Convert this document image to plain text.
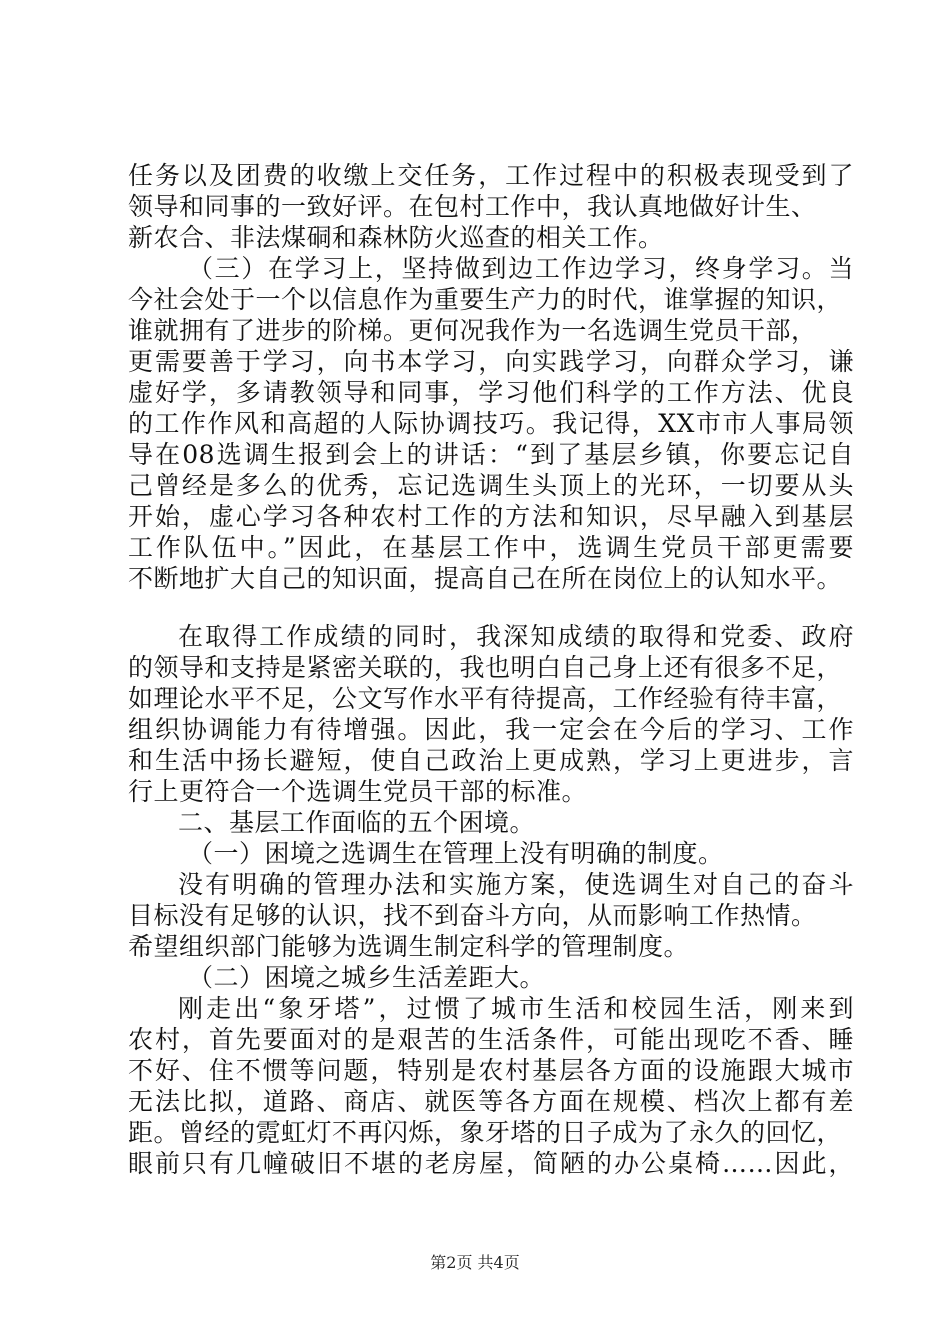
任务以及团费的收缴上交任务，工作过程中的积极表现受到了
领导和同事的一致好评。在包村工作中，我认真地做好计生、
新农合、非法煤硐和森林防火巡查的相关工作。
（三）在学习上，坚持做到边工作边学习，终身学习。当
今社会处于一个以信息作为重要生产力的时代，谁掌握的知识，
谁就拥有了进步的阶梯。更何况我作为一名选调生党员干部，
更需要善于学习，向书本学习，向实践学习，向群众学习，谦
虚好学，多请教领导和同事，学习他们科学的工作方法、优良
的工作作风和高超的人际协调技巧。我记得，XX市市人事局领
导在08选调生报到会上的讲话：“到了基层乡镇，你要忘记自
己曾经是多么的优秀，忘记选调生头顶上的光环，一切要从头
开始，虚心学习各种农村工作的方法和知识，尽早融入到基层
工作队伍中。”因此，在基层工作中，选调生党员干部更需要
不断地扩大自己的知识面，提高自己在所在岗位上的认知水平。
在取得工作成绩的同时，我深知成绩的取得和党委、政府
的领导和支持是紧密关联的，我也明白自己身上还有很多不足，
如理论水平不足，公文写作水平有待提高，工作经验有待丰富，
组织协调能力有待增强。因此，我一定会在今后的学习、工作
和生活中扬长避短，使自己政治上更成熟，学习上更进步，言
行上更符合一个选调生党员干部的标准。
二、基层工作面临的五个困境。
（一）困境之选调生在管理上没有明确的制度。
没有明确的管理办法和实施方案，使选调生对自己的奋斗
目标没有足够的认识，找不到奋斗方向，从而影响工作热情。
希望组织部门能够为选调生制定科学的管理制度。
（二）困境之城乡生活差距大。
刚走出“象牙塔”，过惯了城市生活和校园生活，刚来到
农村，首先要面对的是艰苦的生活条件，可能出现吃不香、睡
不好、住不惯等问题，特别是农村基层各方面的设施跟大城市
无法比拟，道路、商店、就医等各方面在规模、档次上都有差
距。曾经的霓虹灯不再闪烁，象牙塔的日子成为了永久的回忆，
眼前只有几幢破旧不堪的老房屋，简陋的办公桌椅……因此，
第2页 共4页
